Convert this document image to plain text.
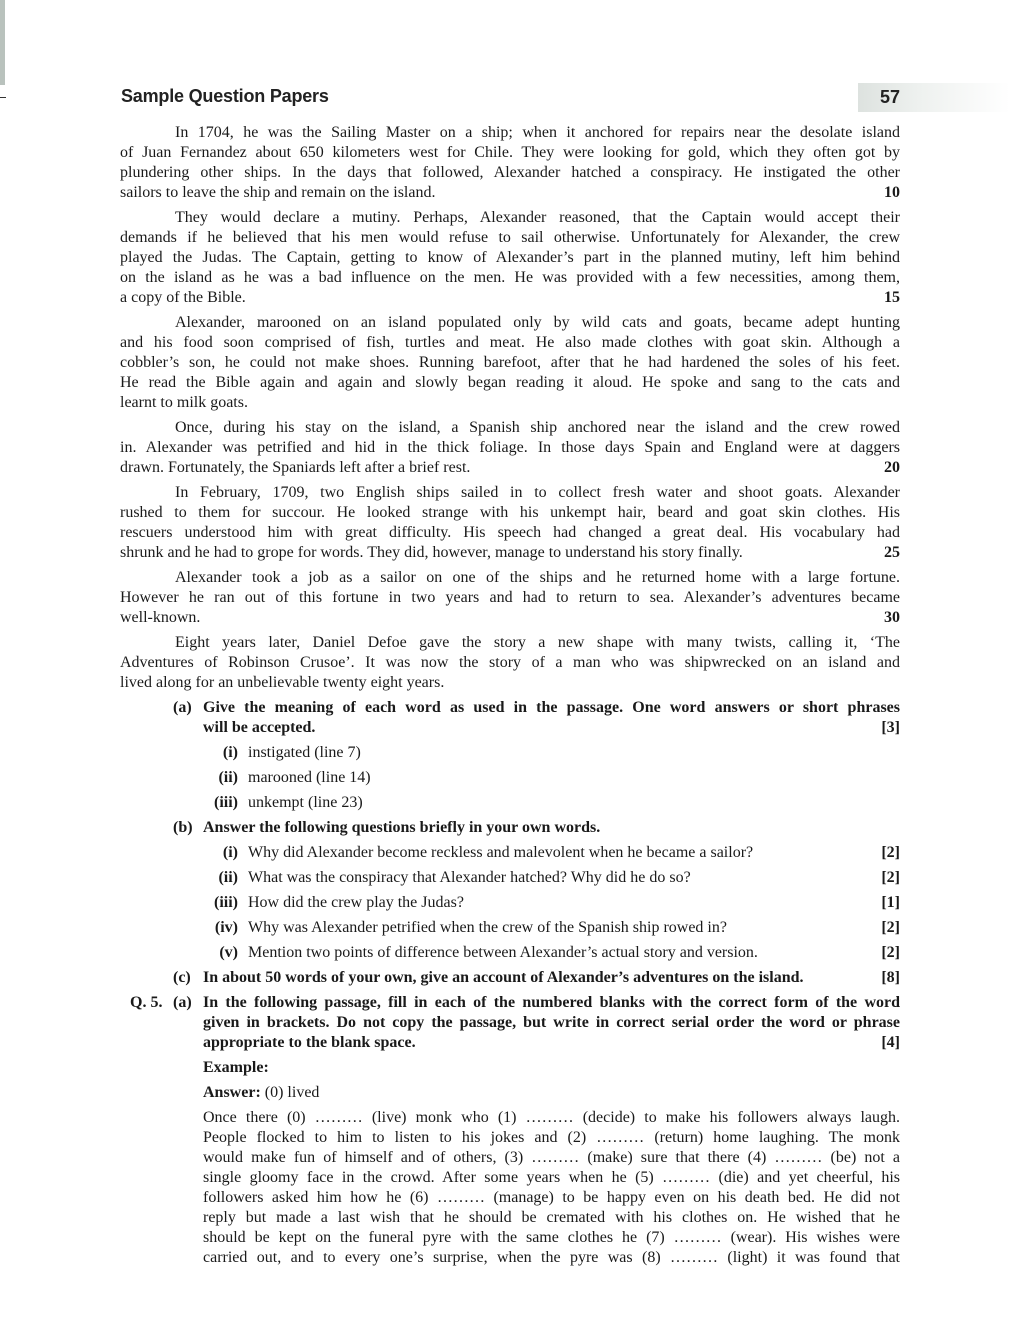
Sample Question Papers	57
In 1704, he was the Sailing Master on a ship; when it anchored for repairs near the desolate island
of Juan Fernandez about 650 kilometers west for Chile. They were looking for gold, which they often got by
plundering other ships. In the days that followed, Alexander hatched a conspiracy. He instigated the other
sailors to leave the ship and remain on the island.	10
They would declare a mutiny. Perhaps, Alexander reasoned, that the Captain would accept their
demands if he believed that his men would refuse to sail otherwise. Unfortunately for Alexander, the crew
played the Judas. The Captain, getting to know of Alexander’s part in the planned mutiny, left him behind
on the island as he was a bad influence on the men. He was provided with a few necessities, among them,
a copy of the Bible.	15
Alexander, marooned on an island populated only by wild cats and goats, became adept hunting
and his food soon comprised of fish, turtles and meat. He also made clothes with goat skin. Although a
cobbler’s son, he could not make shoes. Running barefoot, after that he had hardened the soles of his feet.
He read the Bible again and again and slowly began reading it aloud. He spoke and sang to the cats and
learnt to milk goats.
Once, during his stay on the island, a Spanish ship anchored near the island and the crew rowed
in. Alexander was petrified and hid in the thick foliage. In those days Spain and England were at daggers
drawn. Fortunately, the Spaniards left after a brief rest.	20
In February, 1709, two English ships sailed in to collect fresh water and shoot goats. Alexander
rushed to them for succour. He looked strange with his unkempt hair, beard and goat skin clothes. His
rescuers understood him with great difficulty. His speech had changed a great deal. His vocabulary had
shrunk and he had to grope for words. They did, however, manage to understand his story finally.	25
Alexander took a job as a sailor on one of the ships and he returned home with a large fortune.
However he ran out of this fortune in two years and had to return to sea. Alexander’s adventures became
well-known.	30
Eight years later, Daniel Defoe gave the story a new shape with many twists, calling it, ‘The
Adventures of Robinson Crusoe’. It was now the story of a man who was shipwrecked on an island and
lived along for an unbelievable twenty eight years.
(a) Give the meaning of each word as used in the passage. One word answers or short phrases
will be accepted.	[3]
(i) instigated (line 7)
(ii) marooned (line 14)
(iii) unkempt (line 23)
(b) Answer the following questions briefly in your own words.
(i) Why did Alexander become reckless and malevolent when he became a sailor?	[2]
(ii) What was the conspiracy that Alexander hatched? Why did he do so?	[2]
(iii) How did the crew play the Judas?	[1]
(iv) Why was Alexander petrified when the crew of the Spanish ship rowed in?	[2]
(v) Mention two points of difference between Alexander’s actual story and version.	[2]
(c) In about 50 words of your own, give an account of Alexander’s adventures on the island.	[8]
Q. 5. (a) In the following passage, fill in each of the numbered blanks with the correct form of the word
given in brackets. Do not copy the passage, but write in correct serial order the word or phrase
appropriate to the blank space.	[4]
Example:
Answer: (0) lived
Once there (0) ……… (live) monk who (1) ……… (decide) to make his followers always laugh.
People flocked to him to listen to his jokes and (2) ……… (return) home laughing. The monk
would make fun of himself and of others, (3) ……… (make) sure that there (4) ……… (be) not a
single gloomy face in the crowd. After some years when he (5) ……… (die) and yet cheerful, his
followers asked him how he (6) ……… (manage) to be happy even on his death bed. He did not
reply but made a last wish that he should be cremated with his clothes on. He wished that he
should be kept on the funeral pyre with the same clothes he (7) ……… (wear). His wishes were
carried out, and to every one’s surprise, when the pyre was (8) ……… (light) it was found that
